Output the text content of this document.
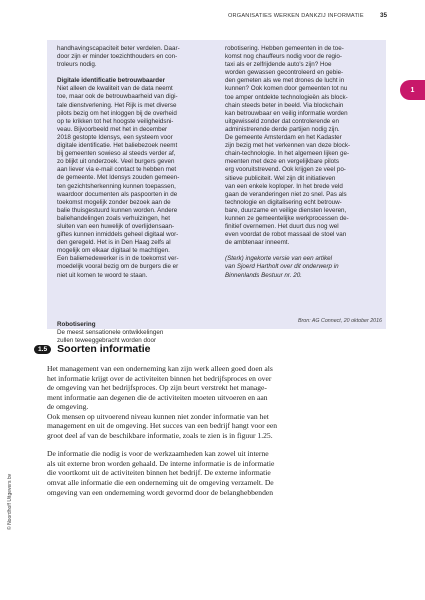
ORGANISATIES WERKEN DANKZIJ INFORMATIE	35
1

handhavingscapaciteit beter verdelen. Daar-

door zijn er minder toezichthouders en con-

troleurs nodig.

Digitale identificatie betrouwbaarder

Niet alleen de kwaliteit van de data neemt

toe, maar ook de betrouwbaarheid van digi-

tale dienstverlening. Het Rijk is met diverse

pilots bezig om het inloggen bij de overheid

op te krikken tot het hoogste veiligheidsni-

veau. Bijvoorbeeld met het in december

2018 gestopte Idensys, een systeem voor

digitale identificatie. Het baliebezoek neemt

bij gemeenten sowieso al steeds verder af,

zo blijkt uit onderzoek. Veel burgers geven

aan liever via e-mail contact te hebben met

de gemeente. Met Idensys zouden gemeen-

ten gezichtsherkenning kunnen toepassen,

waardoor documenten als paspoorten in de

toekomst mogelijk zonder bezoek aan de

balie thuisgestuurd kunnen worden. Andere

baliehandelingen zoals verhuizingen, het

sluiten van een huwelijk of overlijdensaan-

giftes kunnen inmiddels geheel digitaal wor-

den geregeld. Het is in Den Haag zelfs al

mogelijk om elkaar digitaal te machtigen.

Een baliemedewerker is in de toekomst ver-

moedelijk vooral bezig om de burgers die er

niet uit komen te woord te staan.

robotisering. Hebben gemeenten in de toe-

komst nog chauffeurs nodig voor de regio-

taxi als er zelfrijdende auto's zijn? Hoe

worden gewassen gecontroleerd en gebie-

den gemeten als we met drones de lucht in

kunnen? Ook komen door gemeenten tot nu

toe amper ontdekte technologieën als block-

chain steeds beter in beeld. Via blockchain

kan betrouwbaar en veilig informatie worden

uitgewisseld zonder dat controlerende en

administrerende derde partijen nodig zijn.

De gemeente Amsterdam en het Kadaster

zijn bezig met het verkennen van deze block-

chain-technologie. In het algemeen lijken ge-

meenten met deze en vergelijkbare pilots

erg vooruitstrevend. Ook krijgen ze veel po-

sitieve publiciteit. Wel zijn dit initiatieven

van een enkele koploper. In het brede veld

gaan de veranderingen niet zo snel. Pas als

technologie en digitalisering echt betrouw-

bare, duurzame en veilige diensten leveren,

kunnen ze gemeentelijke werkprocessen de-

finitief overnemen. Het duurt dus nog wel

even voordat de robot massaal de stoel van

de ambtenaar inneemt.

(Sterk) ingekorte versie van een artikel

van Sjoerd Hartholt over dit onderwerp in

Binnenlands Bestuur nr. 20.

Bron: AG Connect, 20 oktober 2016

Robotisering

De meest sensationele ontwikkelingen

zullen teweeggebracht worden door

1.5 Soorten informatie

Het management van een onderneming kan zijn werk alleen goed doen als

het informatie krijgt over de activiteiten binnen het bedrijfsproces en over

de omgeving van het bedrijfsproces. Op zijn beurt verstrekt het manage-

ment informatie aan degenen die de activiteiten moeten uitvoeren en aan

de omgeving.

Ook mensen op uitvoerend niveau kunnen niet zonder informatie van het

management en uit de omgeving. Het succes van een bedrijf hangt voor een

groot deel af van de beschikbare informatie, zoals te zien is in figuur 1.25.

De informatie die nodig is voor de werkzaamheden kan zowel uit interne

als uit externe bron worden gehaald. De interne informatie is de informatie

die voortkomt uit de activiteiten binnen het bedrijf. De externe informatie

omvat alle informatie die een onderneming uit de omgeving verzamelt. De

omgeving van een onderneming wordt gevormd door de belanghebbenden

© Noordhoff Uitgevers bv
